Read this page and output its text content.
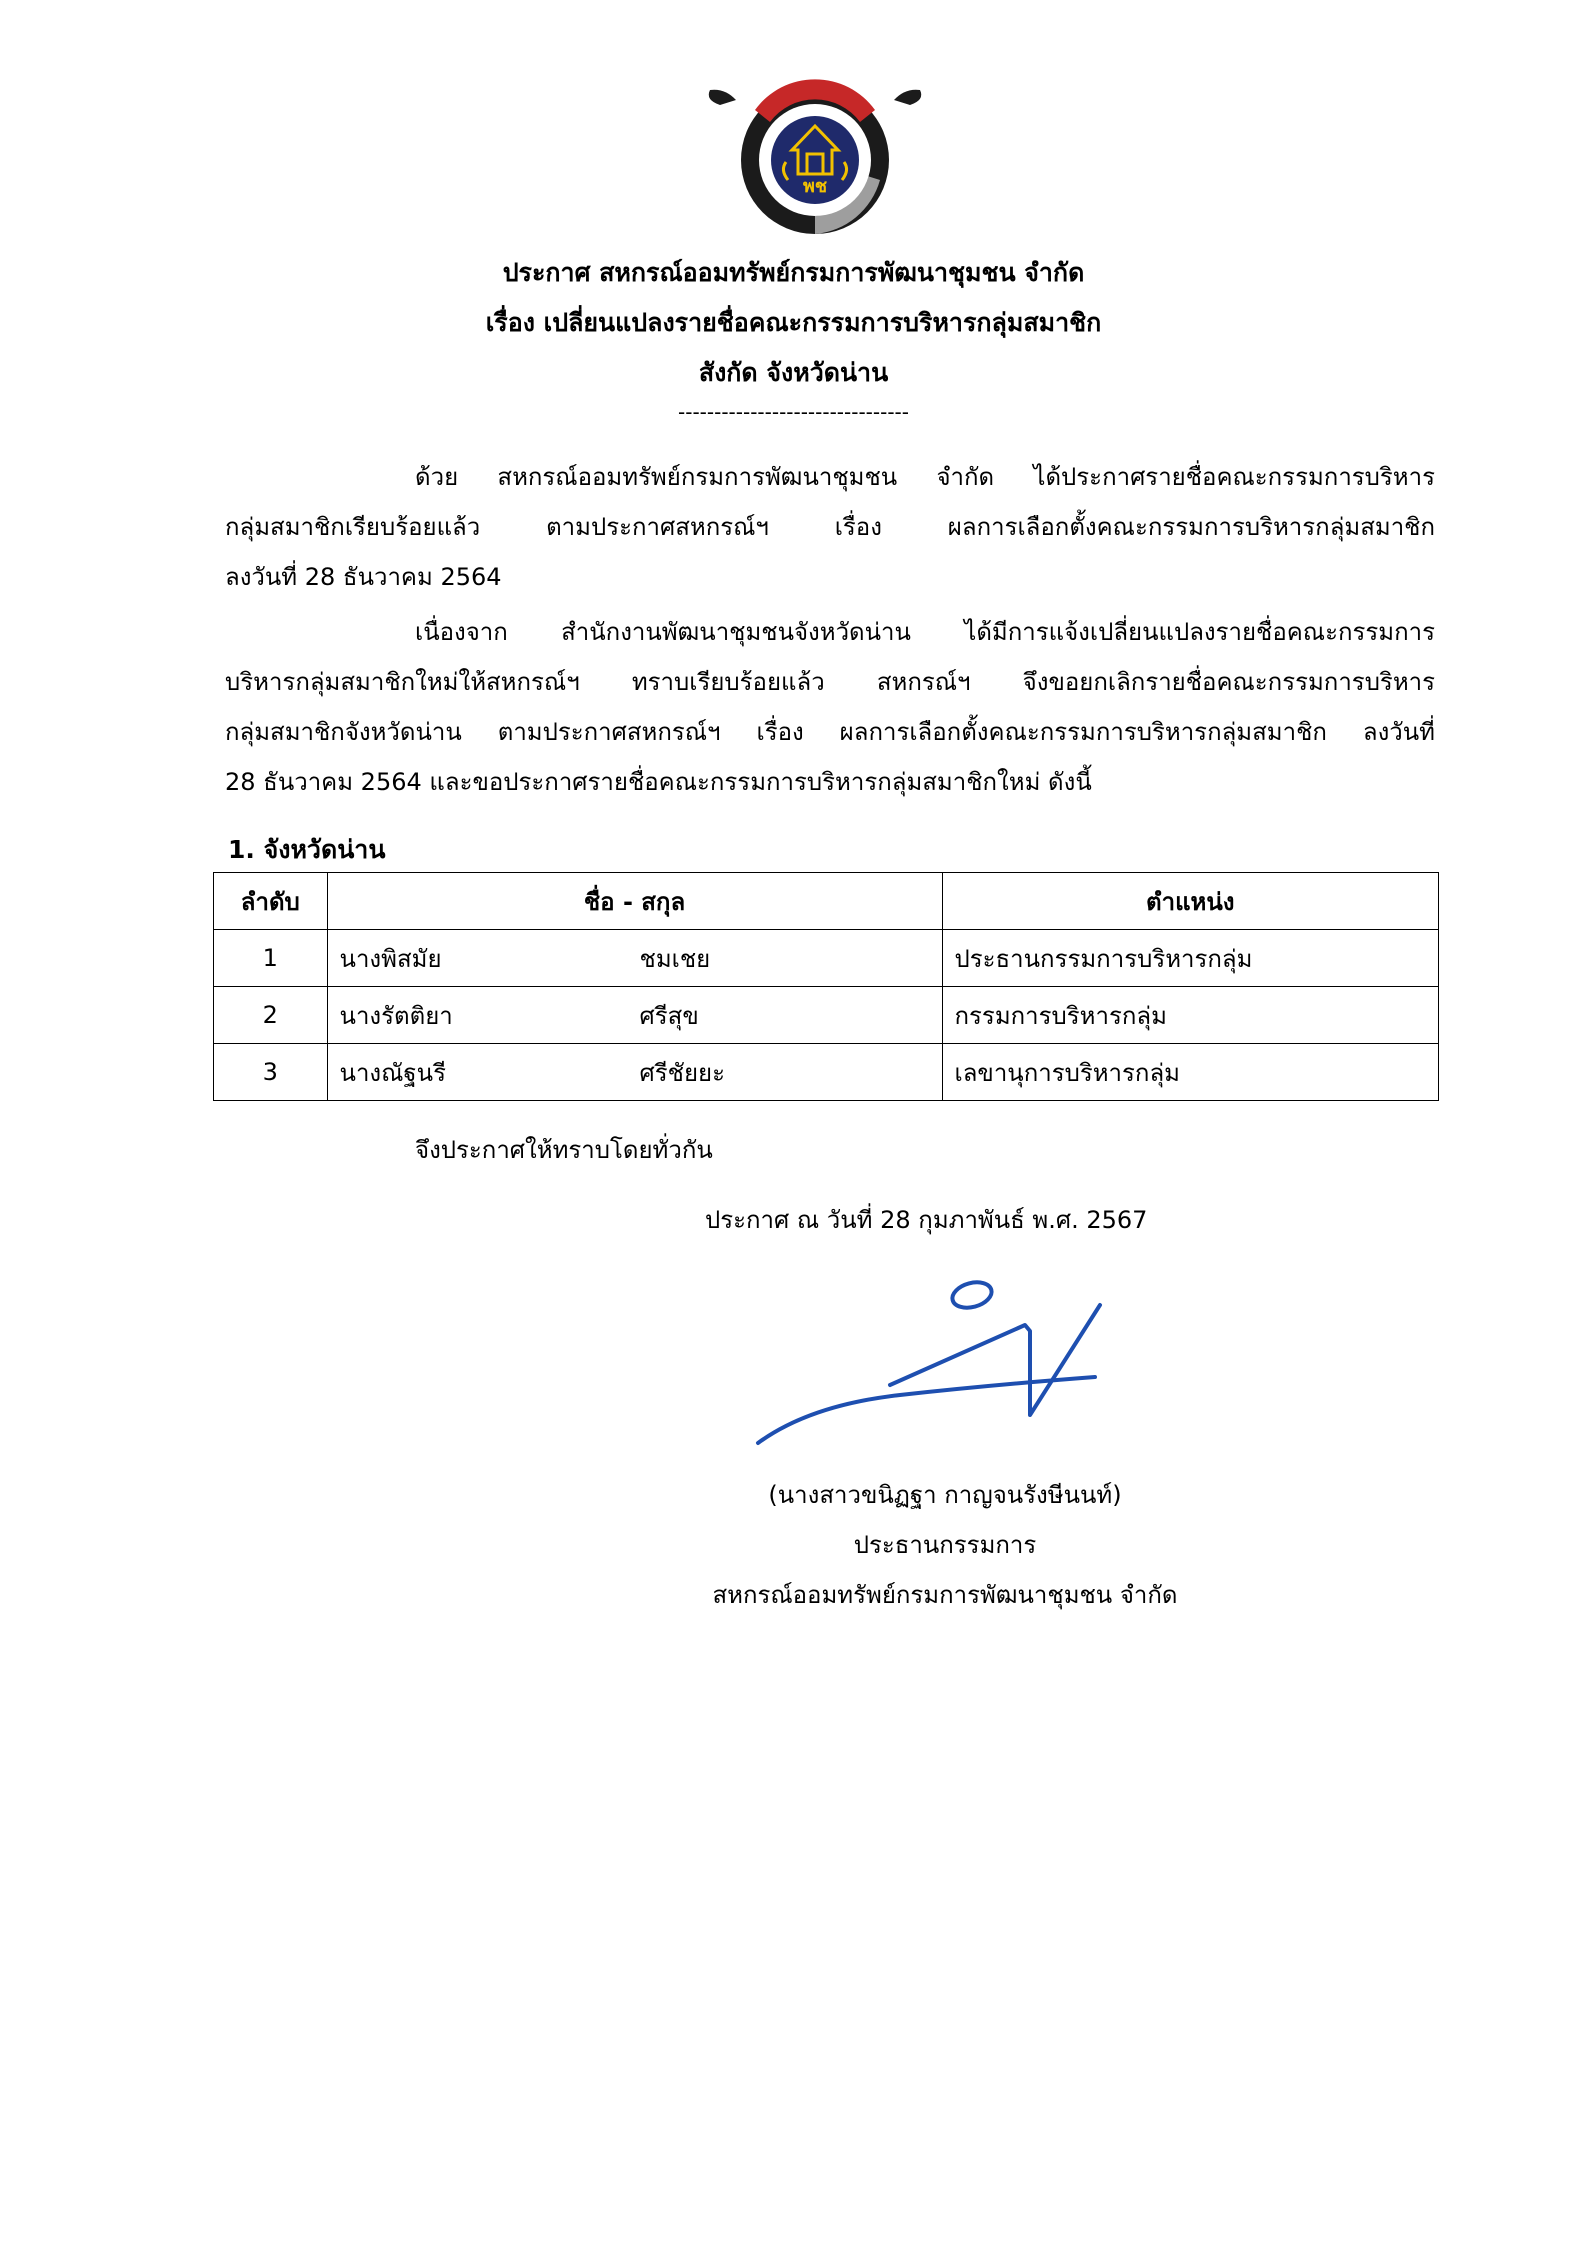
พช
ประกาศ สหกรณ์ออมทรัพย์กรมการพัฒนาชุมชน จำกัด
เรื่อง เปลี่ยนแปลงรายชื่อคณะกรรมการบริหารกลุ่มสมาชิก
สังกัด จังหวัดน่าน
--------------------------------
ด้วย สหกรณ์ออมทรัพย์กรมการพัฒนาชุมชน จำกัด ได้ประกาศรายชื่อคณะกรรมการบริหาร
กลุ่มสมาชิกเรียบร้อยแล้ว ตามประกาศสหกรณ์ฯ เรื่อง ผลการเลือกตั้งคณะกรรมการบริหารกลุ่มสมาชิก
ลงวันที่ 28 ธันวาคม 2564
เนื่องจาก สำนักงานพัฒนาชุมชนจังหวัดน่าน ได้มีการแจ้งเปลี่ยนแปลงรายชื่อคณะกรรมการ
บริหารกลุ่มสมาชิกใหม่ให้สหกรณ์ฯ ทราบเรียบร้อยแล้ว สหกรณ์ฯ จึงขอยกเลิกรายชื่อคณะกรรมการบริหาร
กลุ่มสมาชิกจังหวัดน่าน ตามประกาศสหกรณ์ฯ เรื่อง ผลการเลือกตั้งคณะกรรมการบริหารกลุ่มสมาชิก ลงวันที่
28 ธันวาคม 2564 และขอประกาศรายชื่อคณะกรรมการบริหารกลุ่มสมาชิกใหม่ ดังนี้
1. จังหวัดน่าน
ลำดับ	ชื่อ - สกุล	ตำแหน่ง
1	นางพิสมัย ชมเชย	ประธานกรรมการบริหารกลุ่ม
2	นางรัตติยา ศรีสุข	กรรมการบริหารกลุ่ม
3	นางณัฐนรี ศรีชัยยะ	เลขานุการบริหารกลุ่ม
จึงประกาศให้ทราบโดยทั่วกัน
ประกาศ ณ วันที่ 28 กุมภาพันธ์ พ.ศ. 2567
(นางสาวขนิฏฐา กาญจนรังษีนนท์)
ประธานกรรมการ
สหกรณ์ออมทรัพย์กรมการพัฒนาชุมชน จำกัด
